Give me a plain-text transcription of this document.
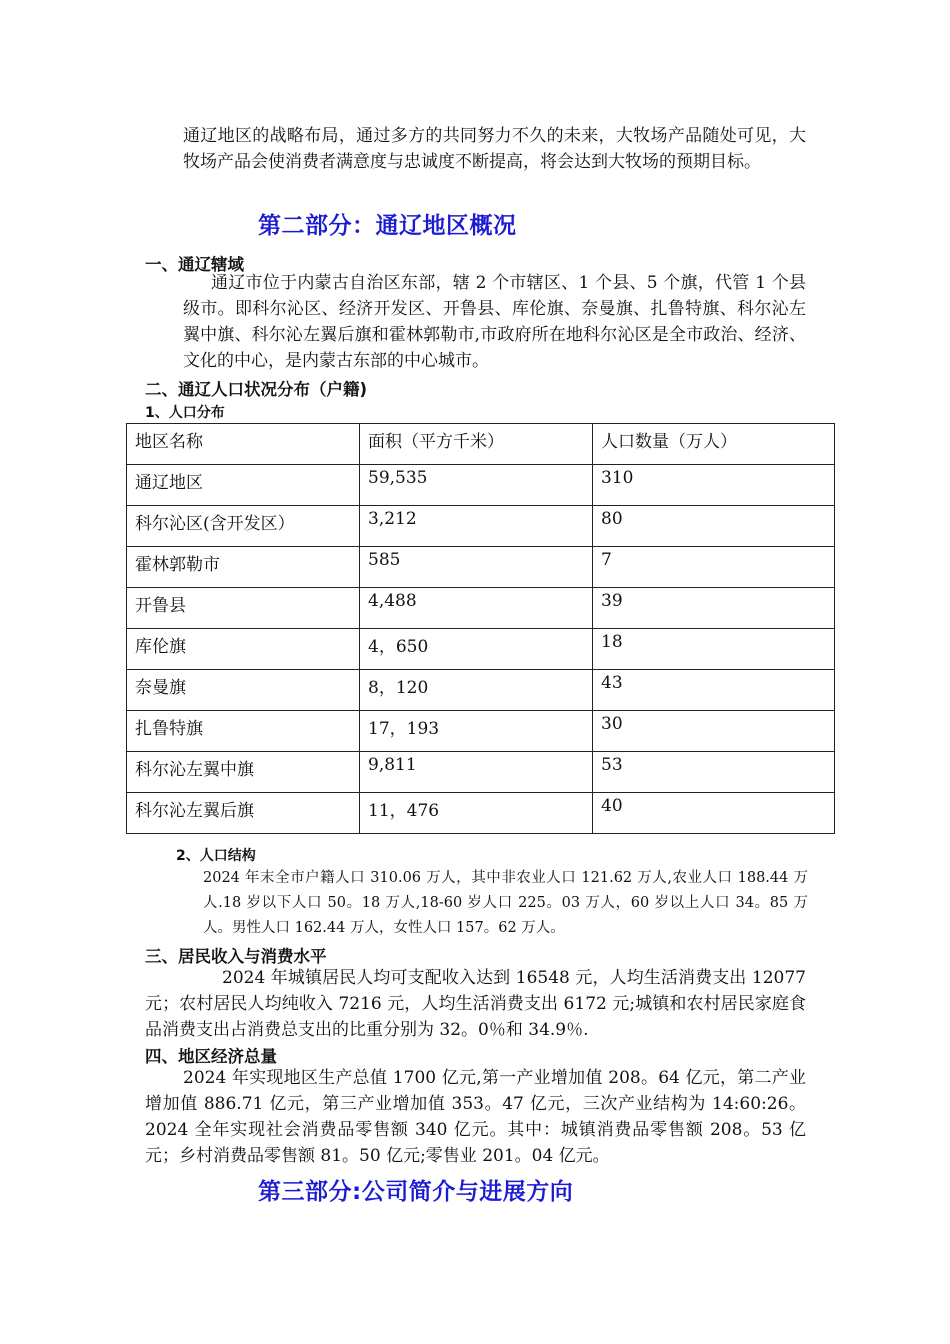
通辽地区的战略布局，通过多方的共同努力不久的未来，大牧场产品随处可见，大牧场产品会使消费者满意度与忠诚度不断提高，将会达到大牧场的预期目标。

第二部分：通辽地区概况
一、通辽辖域

通辽市位于内蒙古自治区东部，辖 2 个市辖区、1 个县、5 个旗，代管 1 个县级市。即科尔沁区、经济开发区、开鲁县、库伦旗、奈曼旗、扎鲁特旗、科尔沁左翼中旗、科尔沁左翼后旗和霍林郭勒市,市政府所在地科尔沁区是全市政治、经济、文化的中心，是内蒙古东部的中心城市。

二、通辽人口状况分布（户籍)
1、人口分布
地区名称	面积（平方千米）	人口数量（万人）
通辽地区	59,535	310
科尔沁区(含开发区）	3,212	80
霍林郭勒市	585	7
开鲁县	4,488	39
库伦旗	4，650	18
奈曼旗	8，120	43
扎鲁特旗	17，193	30
科尔沁左翼中旗	9,811	53
科尔沁左翼后旗	11，476	40
2、人口结构

2024 年末全市户籍人口 310.06 万人，其中非农业人口 121.62 万人,农业人口 188.44 万人.18 岁以下人口 50。18 万人,18-60 岁人口 225。03 万人，60 岁以上人口 34。85 万人。男性人口 162.44 万人，女性人口 157。62 万人。

三、居民收入与消费水平

2024 年城镇居民人均可支配收入达到 16548 元，人均生活消费支出 12077 元；农村居民人均纯收入 7216 元，人均生活消费支出 6172 元;城镇和农村居民家庭食品消费支出占消费总支出的比重分别为 32。0％和 34.9％.

四、地区经济总量

2024 年实现地区生产总值 1700 亿元,第一产业增加值 208。64 亿元，第二产业增加值 886.71 亿元，第三产业增加值 353。47 亿元，三次产业结构为 14:60:26。2024 全年实现社会消费品零售额 340 亿元。其中：城镇消费品零售额 208。53 亿元；乡村消费品零售额 81。50 亿元;零售业 201。04 亿元。

第三部分:公司简介与进展方向
